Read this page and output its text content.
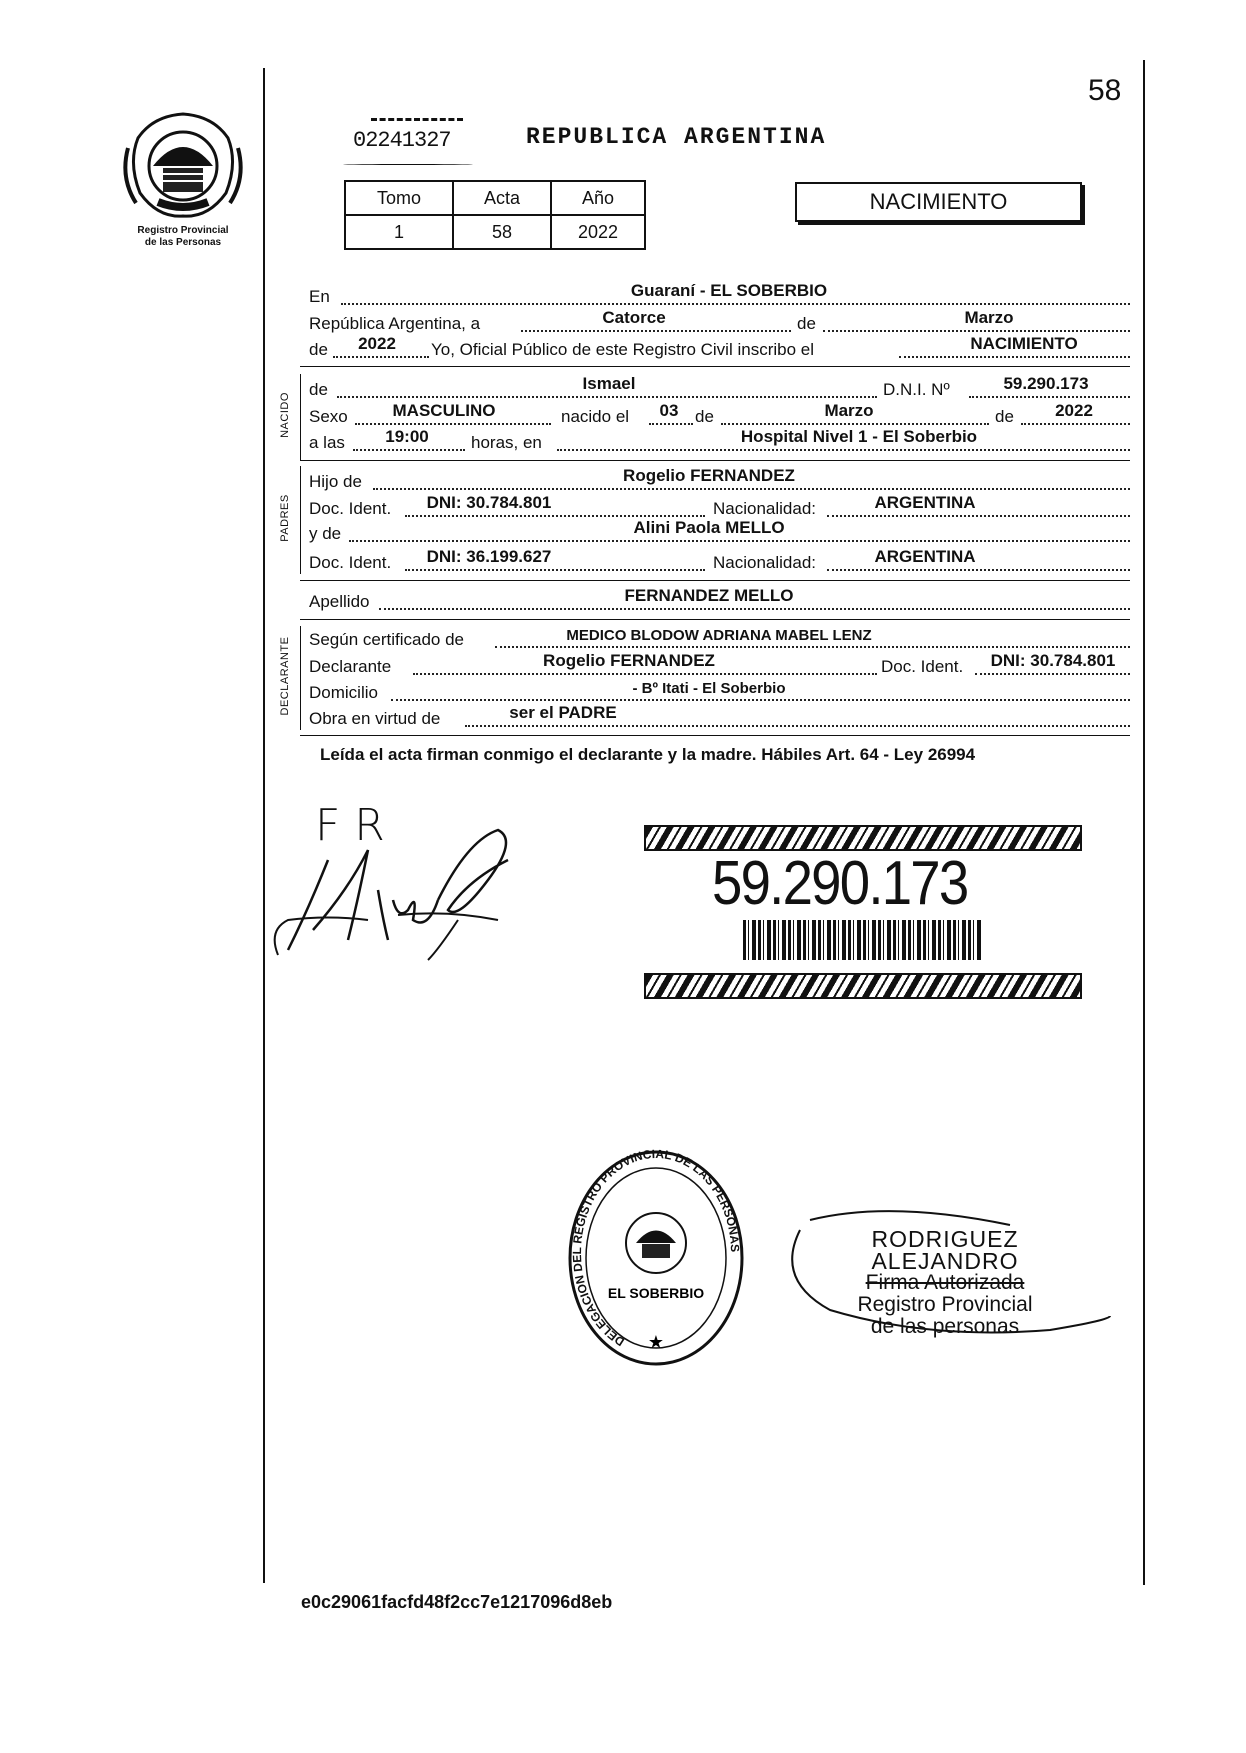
58
Registro Provincial
de las Personas
02241327	REPUBLICA ARGENTINA
Tomo	Acta	Año
1	58	2022
NACIMIENTO
En	Guaraní - EL SOBERBIO
República Argentina, a	Catorce	de	Marzo
de	2022	Yo, Oficial Público de este Registro Civil inscribo el	NACIMIENTO
NACIDO
de	Ismael	D.N.I. Nº	59.290.173
Sexo	MASCULINO	nacido el	03 de	Marzo	de	2022
a las	19:00	horas, en	Hospital Nivel 1 - El Soberbio
PADRES
Hijo de	Rogelio FERNANDEZ
Doc. Ident.	DNI: 30.784.801	Nacionalidad:	ARGENTINA
y de	Alini Paola MELLO
Doc. Ident.	DNI: 36.199.627	Nacionalidad:	ARGENTINA
Apellido	FERNANDEZ MELLO
DECLARANTE Según certificado de	MEDICO BLODOW ADRIANA MABEL LENZ
Declarante	Rogelio FERNANDEZ	Doc. Ident.	DNI: 30.784.801
Domicilio	- Bº Itati - El Soberbio
Obra en virtud de	ser el PADRE
Leída el acta firman conmigo el declarante y la madre. Hábiles Art. 64 - Ley 26994
FR
59.290.173
DELEGACION DEL REGISTRO PROVINCIAL DE LAS PERSONAS
EL SOBERBIO
★
RODRIGUEZ ALEJANDRO
Firma Autorizada
Registro Provincial
de las personas
e0c29061facfd48f2cc7e1217096d8eb
